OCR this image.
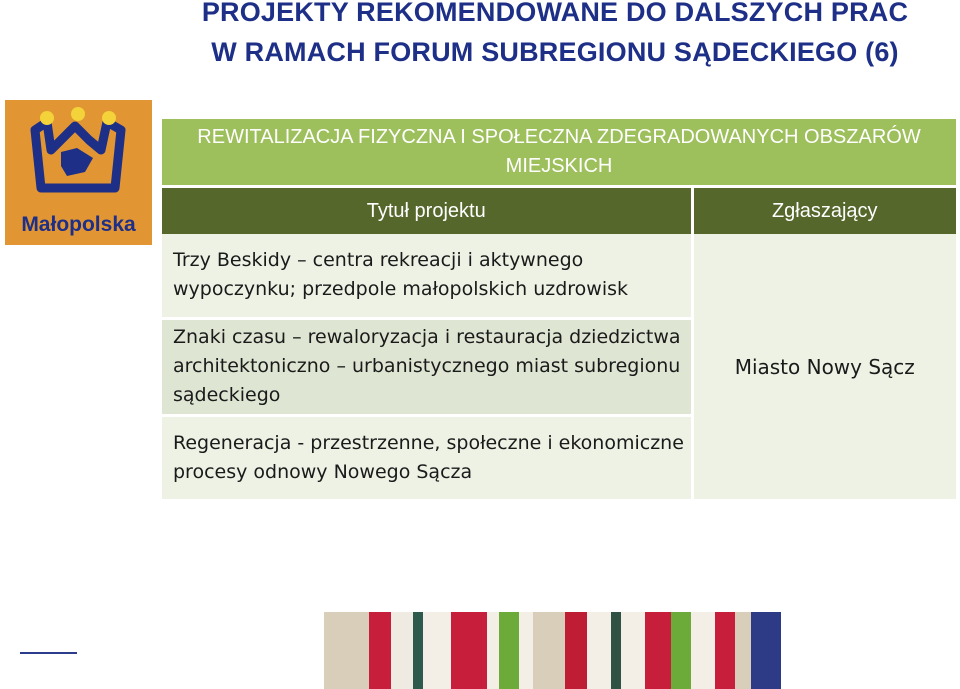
PROJEKTY REKOMENDOWANE DO DALSZYCH PRAC
W RAMACH FORUM SUBREGIONU SĄDECKIEGO (6)
Małopolska
REWITALIZACJA FIZYCZNA I SPOŁECZNA ZDEGRADOWANYCH OBSZARÓW MIEJSKICH	
Tytuł projektu	Zgłaszający
Trzy Beskidy – centra rekreacji i aktywnego wypoczynku; przedpole małopolskich uzdrowisk	Miasto Nowy Sącz
Znaki czasu – rewaloryzacja i restauracja dziedzictwa architektoniczno – urbanistycznego miast subregionu sądeckiego	
Regeneracja - przestrzenne, społeczne i ekonomiczne procesy odnowy Nowego Sącza	
